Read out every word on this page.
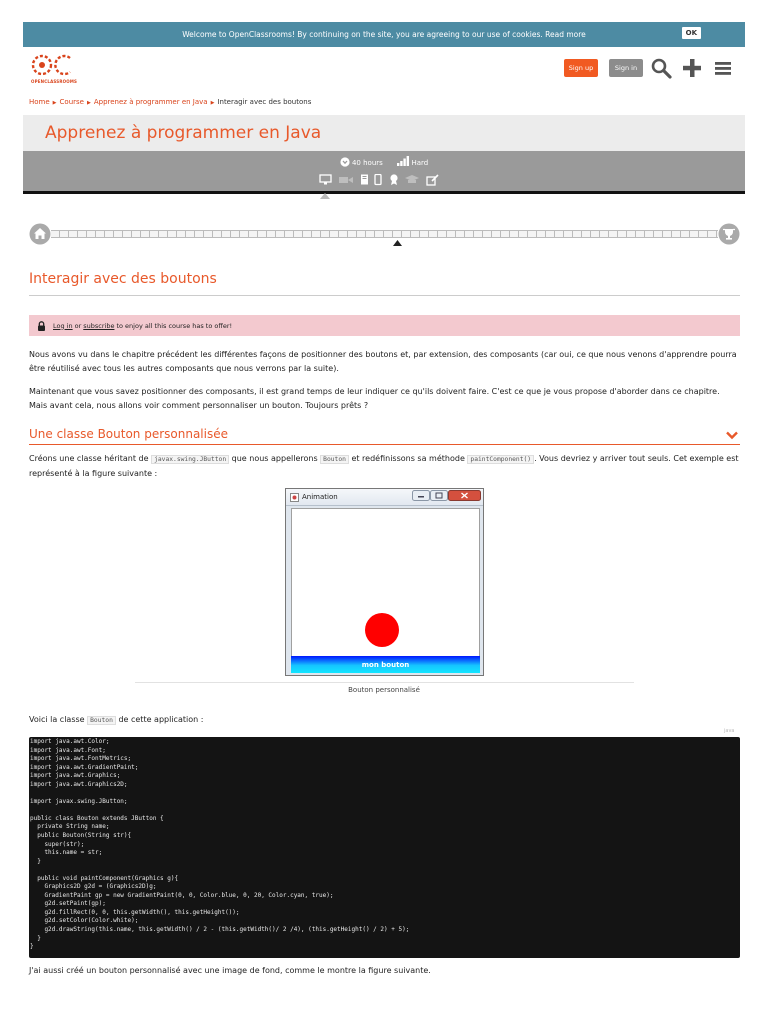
Welcome to OpenClassrooms! By continuing on the site, you are agreeing to our use of cookies. Read more	OK
OPENCLASSROOMS
Sign up	Sign in
Home ▶ Course ▶ Apprenez à programmer en Java ▶ Interagir avec des boutons
Apprenez à programmer en Java
40 hours	Hard
Interagir avec des boutons
Log in or subscribe to enjoy all this course has to offer!

Nous avons vu dans le chapitre précédent les différentes façons de positionner des boutons et, par extension, des composants (car oui, ce que nous venons d'apprendre pourra être réutilisé avec tous les autres composants que nous verrons par la suite).

Maintenant que vous savez positionner des composants, il est grand temps de leur indiquer ce qu'ils doivent faire. C'est ce que je vous propose d'aborder dans ce chapitre. Mais avant cela, nous allons voir comment personnaliser un bouton. Toujours prêts ?

Une classe Bouton personnalisée

Créons une classe héritant de javax.swing.JButton que nous appellerons Bouton et redéfinissons sa méthode paintComponent() . Vous devriez y arriver tout seuls. Cet exemple est représenté à la figure suivante :

Animation
mon bouton
Bouton personnalisé

Voici la classe Bouton de cette application :

java
import java.awt.Color;
import java.awt.Font;
import java.awt.FontMetrics;
import java.awt.GradientPaint;
import java.awt.Graphics;
import java.awt.Graphics2D;

import javax.swing.JButton;

public class Bouton extends JButton {
private String name;
public Bouton(String str){
super(str);
this.name = str;
}

public void paintComponent(Graphics g){
Graphics2D g2d = (Graphics2D)g;
GradientPaint gp = new GradientPaint(0, 0, Color.blue, 0, 20, Color.cyan, true);
g2d.setPaint(gp);
g2d.fillRect(0, 0, this.getWidth(), this.getHeight());
g2d.setColor(Color.white);
g2d.drawString(this.name, this.getWidth() / 2 - (this.getWidth()/ 2 /4), (this.getHeight() / 2) + 5);
}
}

J'ai aussi créé un bouton personnalisé avec une image de fond, comme le montre la figure suivante.
